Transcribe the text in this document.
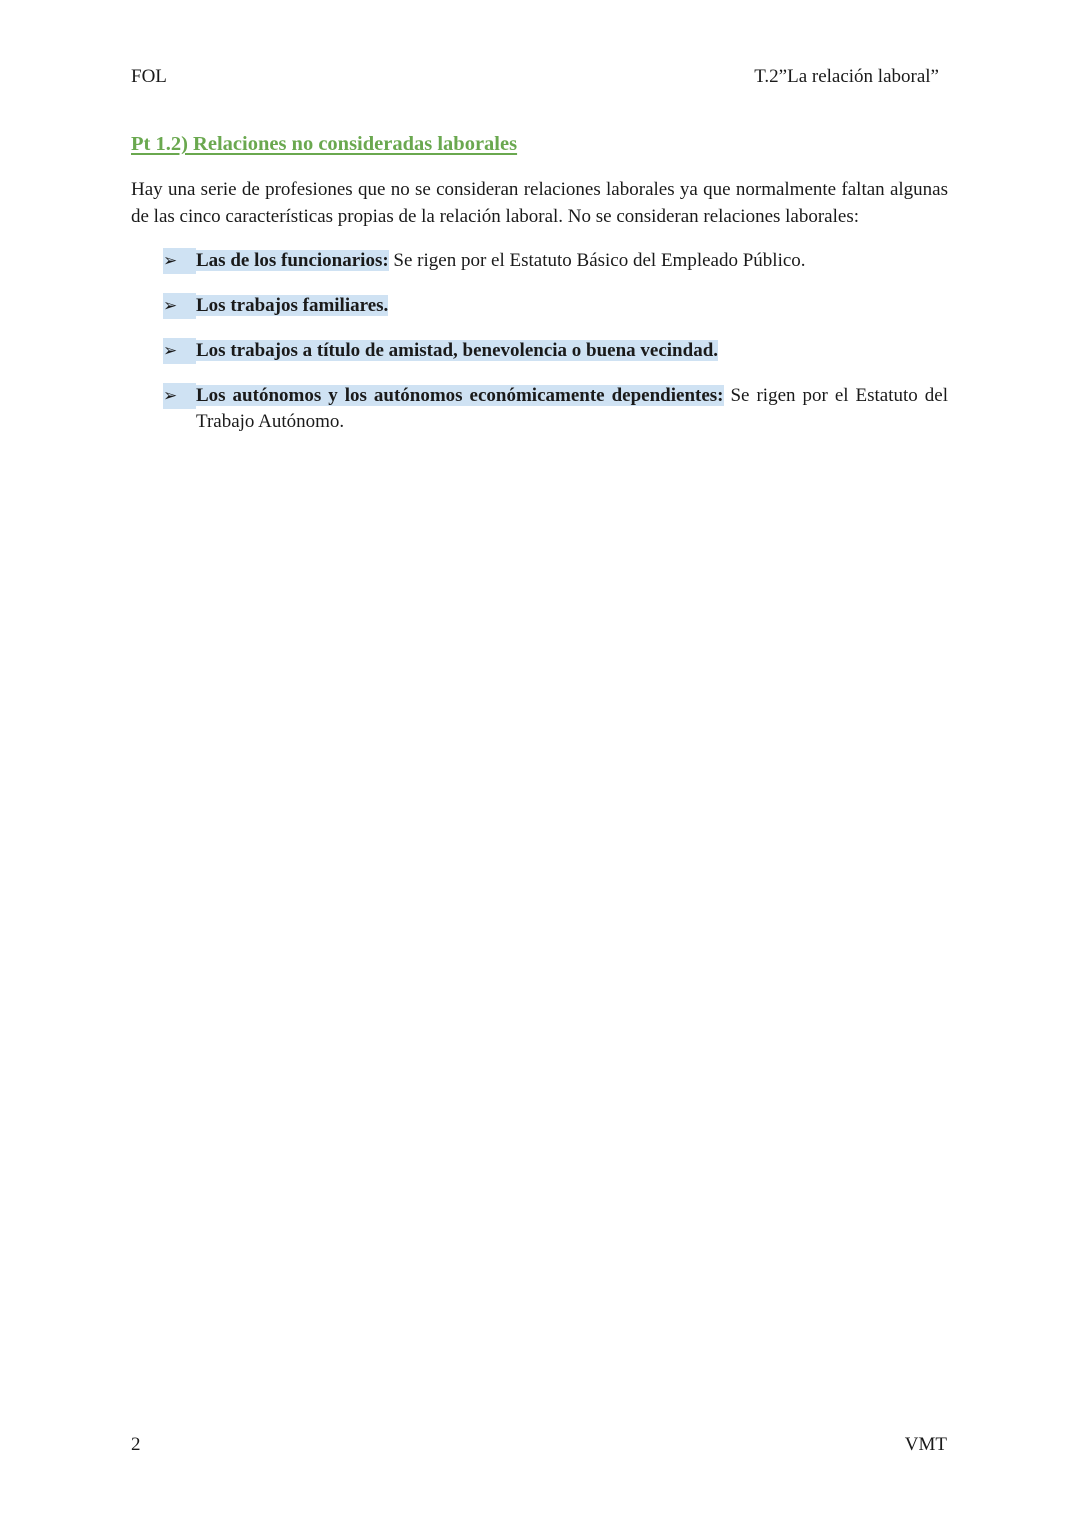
FOL	T.2”La relación laboral”
Pt 1.2) Relaciones no consideradas laborales

Hay una serie de profesiones que no se consideran relaciones laborales ya que normalmente faltan algunas de las cinco características propias de la relación laboral. No se consideran relaciones laborales:

➢ Las de los funcionarios: Se rigen por el Estatuto Básico del Empleado Público.
➢ Los trabajos familiares.
➢ Los trabajos a título de amistad, benevolencia o buena vecindad.
➢ Los autónomos y los autónomos económicamente dependientes: Se rigen por el Estatuto del Trabajo Autónomo.
2	VMT
